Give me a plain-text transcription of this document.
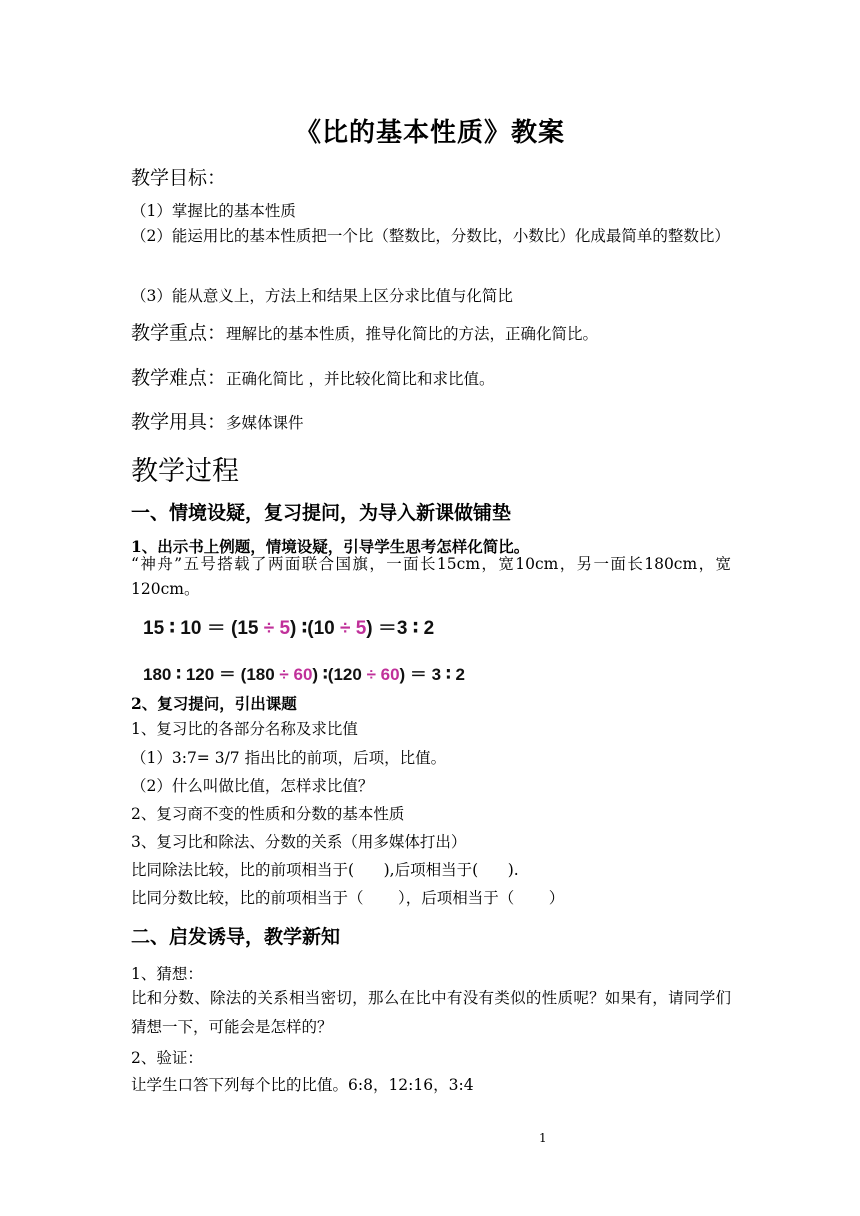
《比的基本性质》教案
教学目标：
（1）掌握比的基本性质
（2）能运用比的基本性质把一个比（整数比，分数比，小数比）化成最简单的整数比）
（3）能从意义上，方法上和结果上区分求比值与化简比
教学重点：理解比的基本性质，推导化简比的方法，正确化简比。
教学难点：正确化简比 ，并比较化简比和求比值。
教学用具：多媒体课件
教学过程
一、情境设疑，复习提问，为导入新课做铺垫
1、出示书上例题，情境设疑，引导学生思考怎样化简比。
“神舟”五号搭载了两面联合国旗，一面长15cm，宽10cm，另一面长180cm，宽120cm。
15 ∶ 10 ＝ (15 ÷ 5) ∶(10 ÷ 5) ＝3 ∶ 2
180 ∶ 120 ＝ (180 ÷ 60) ∶(120 ÷ 60) ＝ 3 ∶ 2
2、复习提问，引出课题
1、复习比的各部分名称及求比值
（1）3:7= 3/7 指出比的前项，后项，比值。
（2）什么叫做比值，怎样求比值？
2、复习商不变的性质和分数的基本性质
3、复习比和除法、分数的关系（用多媒体打出）
比同除法比较，比的前项相当于(      ),后项相当于(      ).
比同分数比较，比的前项相当于（       ），后项相当于（       ）
二、启发诱导，教学新知
1、猜想：
比和分数、除法的关系相当密切，那么在比中有没有类似的性质呢？如果有，请同学们猜想一下，可能会是怎样的？
2、验证：
让学生口答下列每个比的比值。6:8，12:16，3:4
1
